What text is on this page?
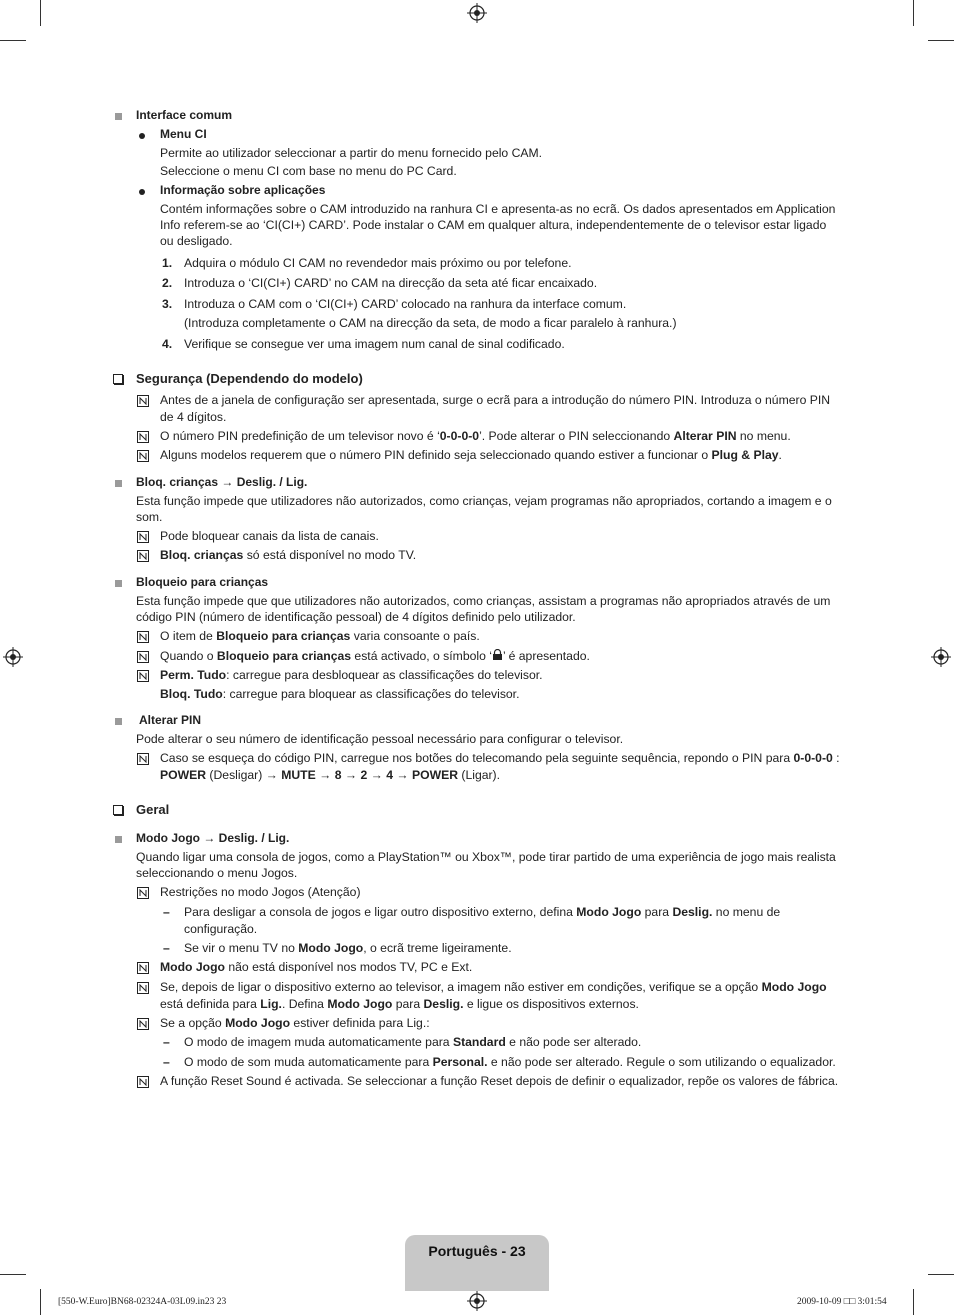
Interface comum
Menu CI
Permite ao utilizador seleccionar a partir do menu fornecido pelo CAM.
Seleccione o menu CI com base no menu do PC Card.
Informação sobre aplicações
Contém informações sobre o CAM introduzido na ranhura CI e apresenta-as no ecrã. Os dados apresentados em Application
Info referem-se ao ‘CI(CI+) CARD’. Pode instalar o CAM em qualquer altura, independentemente de o televisor estar ligado
ou desligado.
1. Adquira o módulo CI CAM no revendedor mais próximo ou por telefone.
2. Introduza o ‘CI(CI+) CARD’ no CAM na direcção da seta até ficar encaixado.
3. Introduza o CAM com o ‘CI(CI+) CARD’ colocado na ranhura da interface comum.
(Introduza completamente o CAM na direcção da seta, de modo a ficar paralelo à ranhura.)
4. Verifique se consegue ver uma imagem num canal de sinal codificado.
Segurança (Dependendo do modelo)
Antes de a janela de configuração ser apresentada, surge o ecrã para a introdução do número PIN. Introduza o número PIN
de 4 dígitos.
O número PIN predefinição de um televisor novo é ‘0-0-0-0’. Pode alterar o PIN seleccionando Alterar PIN no menu.
Alguns modelos requerem que o número PIN definido seja seleccionado quando estiver a funcionar o Plug & Play.
Bloq. crianças → Deslig. / Lig.
Esta função impede que utilizadores não autorizados, como crianças, vejam programas não apropriados, cortando a imagem e o
som.
Pode bloquear canais da lista de canais.
Bloq. crianças só está disponível no modo TV.
Bloqueio para crianças
Esta função impede que que utilizadores não autorizados, como crianças, assistam a programas não apropriados através de um
código PIN (número de identificação pessoal) de 4 dígitos definido pelo utilizador.
O item de Bloqueio para crianças varia consoante o país.
Quando o Bloqueio para crianças está activado, o símbolo ‘ ’ é apresentado.
Perm. Tudo: carregue para desbloquear as classificações do televisor.
Bloq. Tudo: carregue para bloquear as classificações do televisor.
Alterar PIN
Pode alterar o seu número de identificação pessoal necessário para configurar o televisor.
Caso se esqueça do código PIN, carregue nos botões do telecomando pela seguinte sequência, repondo o PIN para 0-0-0-0 :
POWER (Desligar) → MUTE → 8 → 2 → 4 → POWER (Ligar).
Geral
Modo Jogo → Deslig. / Lig.
Quando ligar uma consola de jogos, como a PlayStation™ ou Xbox™, pode tirar partido de uma experiência de jogo mais realista
seleccionando o menu Jogos.
Restrições no modo Jogos (Atenção)
– Para desligar a consola de jogos e ligar outro dispositivo externo, defina Modo Jogo para Deslig. no menu de
configuração.
– Se vir o menu TV no Modo Jogo, o ecrã treme ligeiramente.
Modo Jogo não está disponível nos modos TV, PC e Ext.
Se, depois de ligar o dispositivo externo ao televisor, a imagem não estiver em condições, verifique se a opção Modo Jogo
está definida para Lig.. Defina Modo Jogo para Deslig. e ligue os dispositivos externos.
Se a opção Modo Jogo estiver definida para Lig.:
– O modo de imagem muda automaticamente para Standard e não pode ser alterado.
– O modo de som muda automaticamente para Personal. e não pode ser alterado. Regule o som utilizando o equalizador.
A função Reset Sound é activada. Se seleccionar a função Reset depois de definir o equalizador, repõe os valores de fábrica.
Português - 23
[550-W.Euro]BN68-02324A-03L09.in23 23	2009-10-09 □□ 3:01:54
